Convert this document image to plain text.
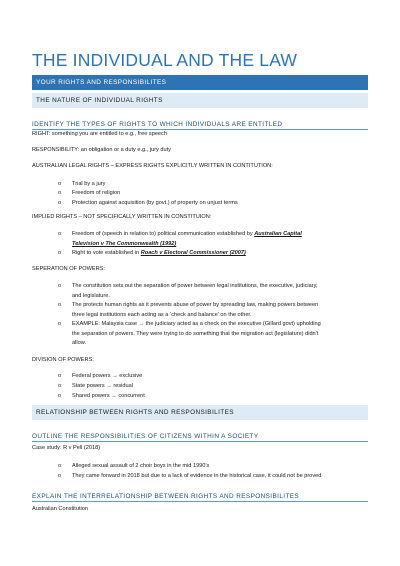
THE INDIVIDUAL AND THE LAW
YOUR RIGHTS AND RESPONSIBILITES
THE NATURE OF INDIVIDUAL RIGHTS
IDENTIFY THE TYPES OF RIGHTS TO WHICH INDIVIDUALS ARE ENTITLED
RIGHT: something you are entitled to e.g., free speech
RESPONSIBILITY: an obligation or a duty e.g., jury duty
AUSTRALIAN LEGAL RIGHTS – EXPRESS RIGHTS EXPLICITLY WRITTEN IN CONTITUTION:
o	Trial by a jury
o	Freedom of religion
o	Protection against acquisition (by govt.) of property on unjust terms
IMPLIED RIGHTS – NOT SPECIFICALLY WRITTEN IN CONSTITUION:
o	Freedom of (speech in relation to) political communication established by Australian Capital
Television v The Commonwealth (1992)
o	Right to vote established in Roach v Electoral Commissioner (2007)
SEPERATION OF POWERS:
o	The constitution sets out the separation of power between legal institutions, the executive, judiciary,
and legislature.
o	The protects human rights as it prevents abuse of power by spreading law, making powers between
three legal institutions each acting as a ‘check and balance’ on the other.
o	EXAMPLE: Malaysia case → the judiciary acted as a check on the executive (Gillard govt) upholding
the separation of powers. They were trying to do something that the migration act (legislature) didn’t
allow.
DIVISION OF POWERS:
o	Federal powers → exclusive
o	State powers → residual
o	Shared powers → concurrent
RELATIONSHIP BETWEEN RIGHTS AND RESPONSIBILITES
OUTLINE THE RESPONSIBILITIES OF CITIZENS WITHIN A SOCIETY
Case study: R v Pell (2018)
o	Alleged sexual assault of 2 choir boys in the mid 1990’s
o	They came forward in 2018 but due to a lack of evidence in the historical case, it could not be proved
EXPLAIN THE INTERRELATIONSHIP BETWEEN RIGHTS AND RESPONSIBILITES
Australian Constitution
